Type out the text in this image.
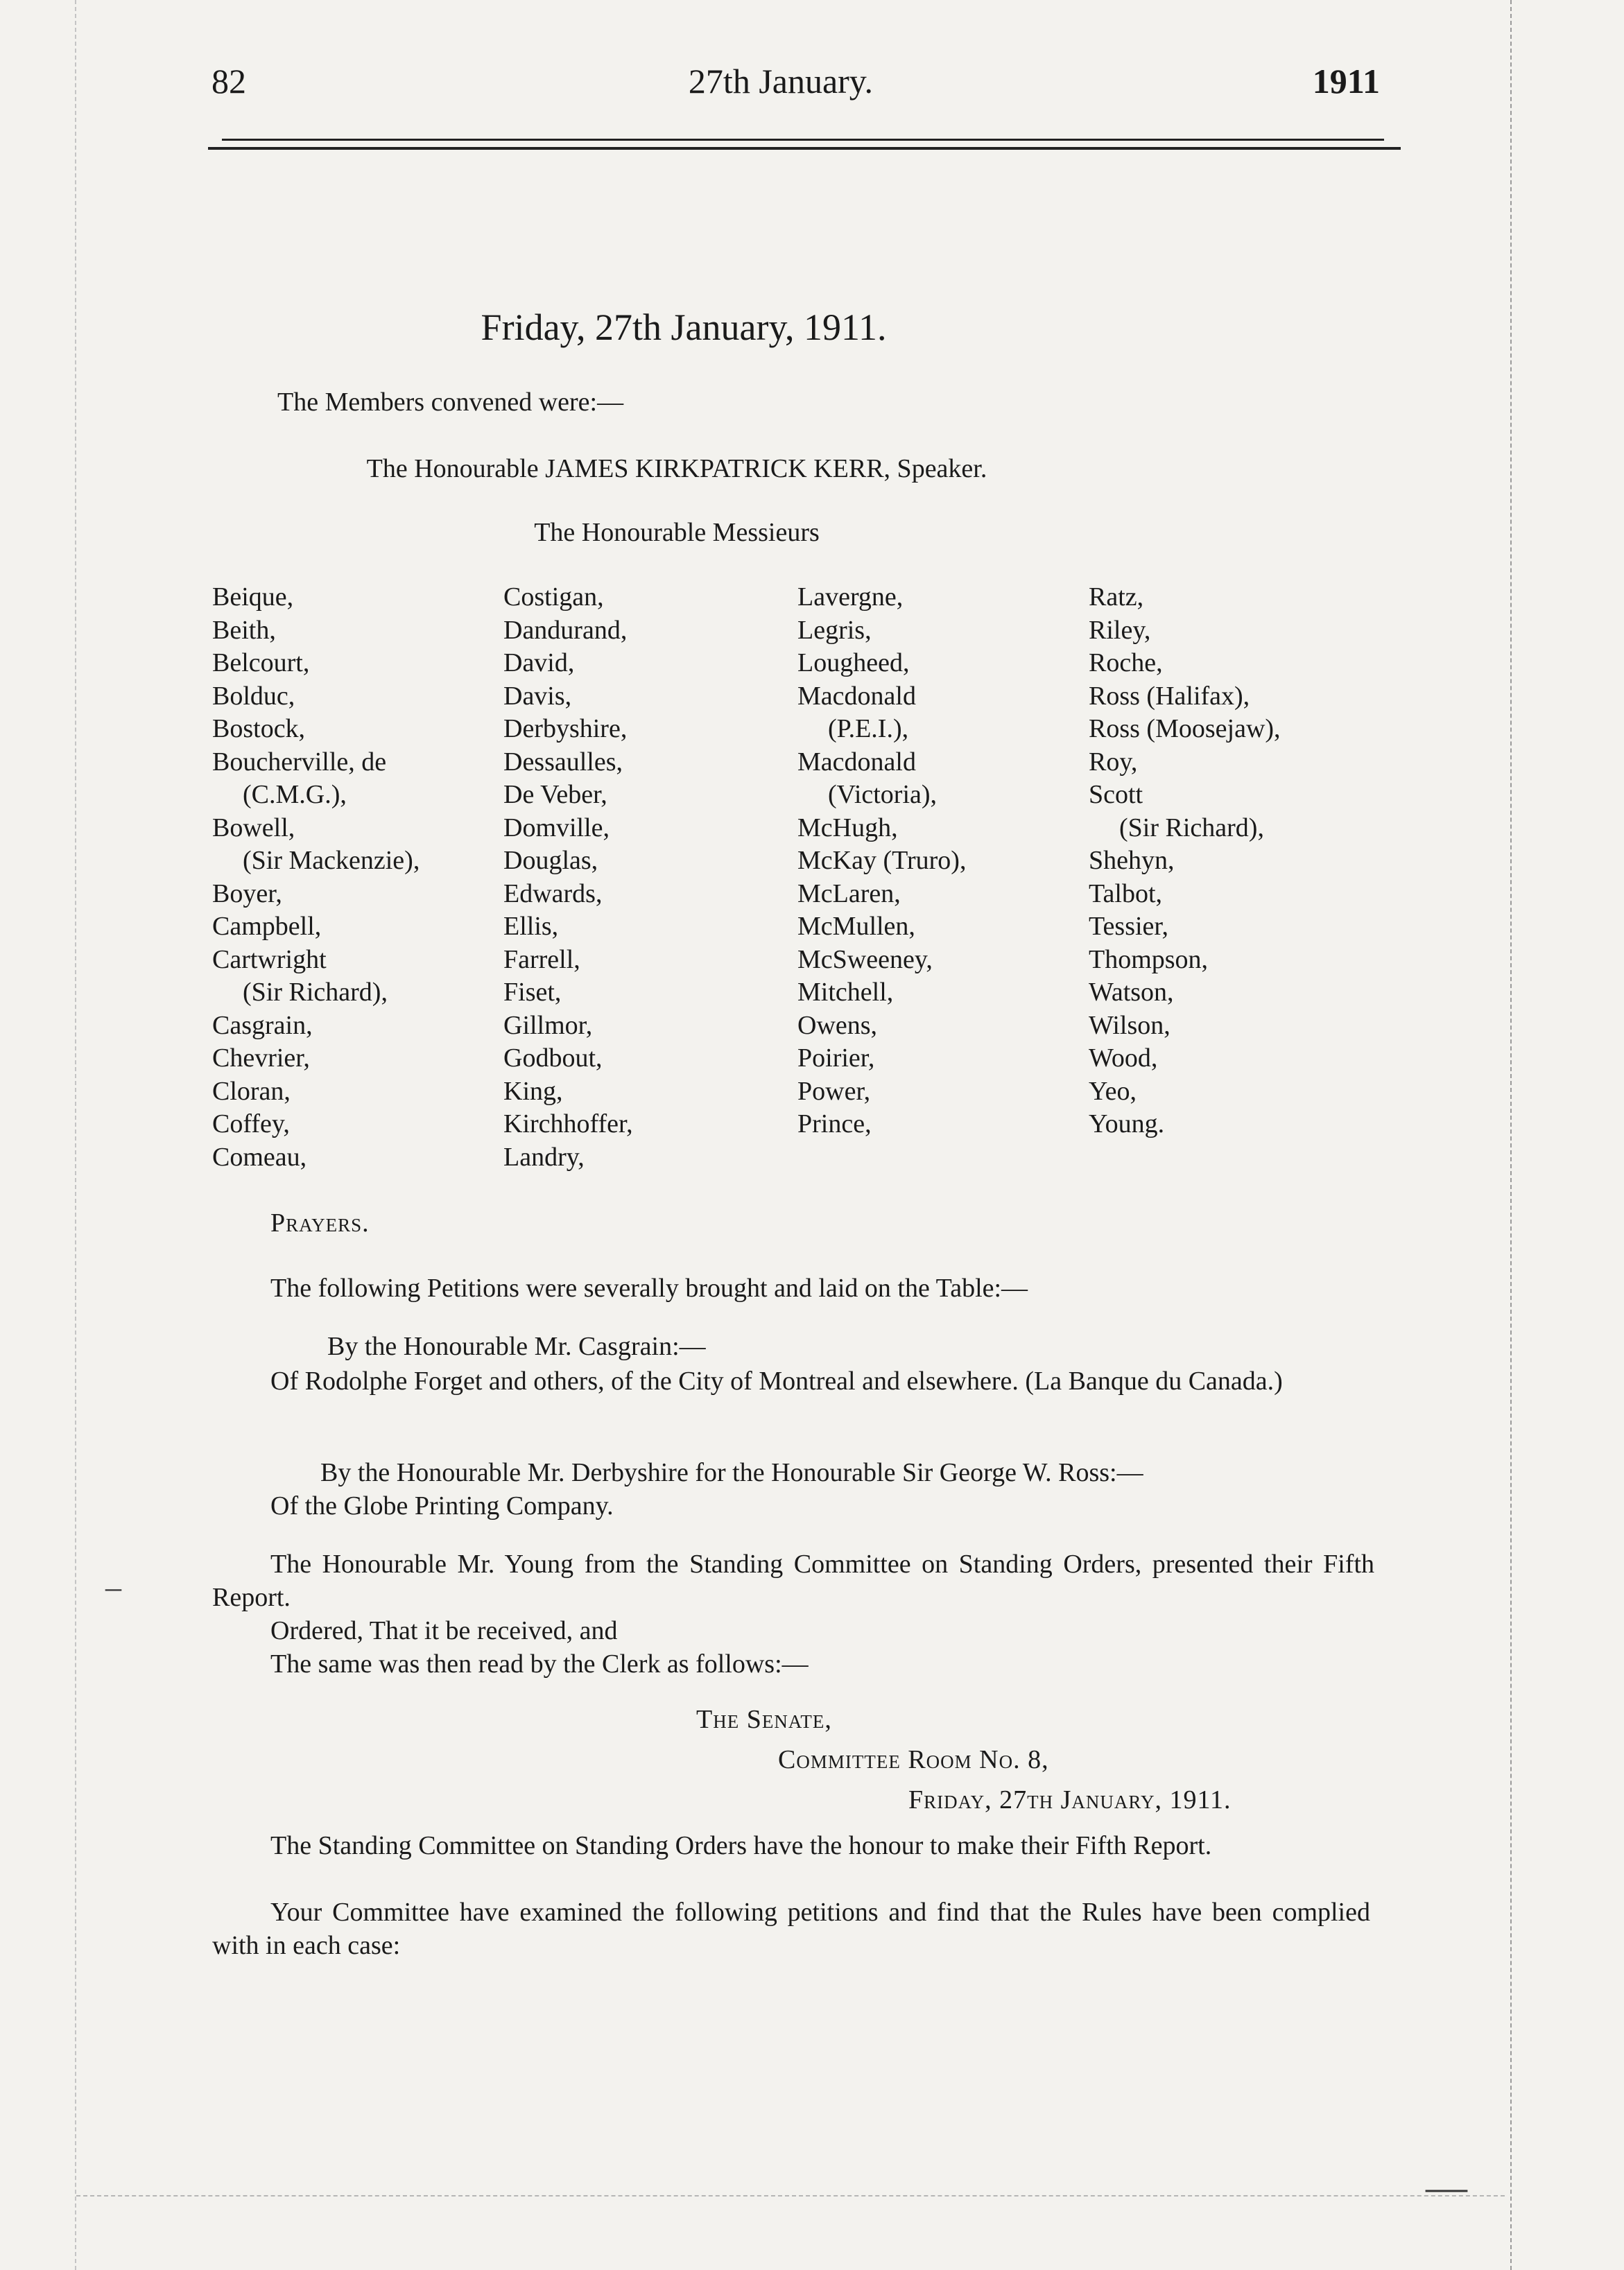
–
—
82	27th January.	1911
Friday, 27th January, 1911.
The Members convened were:—
The Honourable JAMES KIRKPATRICK KERR, Speaker.
The Honourable Messieurs
Beique,
Beith,
Belcourt,
Bolduc,
Bostock,
Boucherville, de
(C.M.G.),
Bowell,
(Sir Mackenzie),
Boyer,
Campbell,
Cartwright
(Sir Richard),
Casgrain,
Chevrier,
Cloran,
Coffey,
Comeau,
Costigan,
Dandurand,
David,
Davis,
Derbyshire,
Dessaulles,
De Veber,
Domville,
Douglas,
Edwards,
Ellis,
Farrell,
Fiset,
Gillmor,
Godbout,
King,
Kirchhoffer,
Landry,
Lavergne,
Legris,
Lougheed,
Macdonald
(P.E.I.),
Macdonald
(Victoria),
McHugh,
McKay (Truro),
McLaren,
McMullen,
McSweeney,
Mitchell,
Owens,
Poirier,
Power,
Prince,
Ratz,
Riley,
Roche,
Ross (Halifax),
Ross (Moosejaw),
Roy,
Scott
(Sir Richard),
Shehyn,
Talbot,
Tessier,
Thompson,
Watson,
Wilson,
Wood,
Yeo,
Young.
Prayers.
The following Petitions were severally brought and laid on the Table:—
By the Honourable Mr. Casgrain:—
Of Rodolphe Forget and others, of the City of Montreal and elsewhere. (La Banque du Canada.)
By the Honourable Mr. Derbyshire for the Honourable Sir George W. Ross:—
Of the Globe Printing Company.
The Honourable Mr. Young from the Standing Committee on Standing Orders, presented their Fifth Report.
Ordered, That it be received, and
The same was then read by the Clerk as follows:—
The Senate,
Committee Room No. 8,
Friday, 27th January, 1911.
The Standing Committee on Standing Orders have the honour to make their Fifth Report.
Your Committee have examined the following petitions and find that the Rules have been complied with in each case:
